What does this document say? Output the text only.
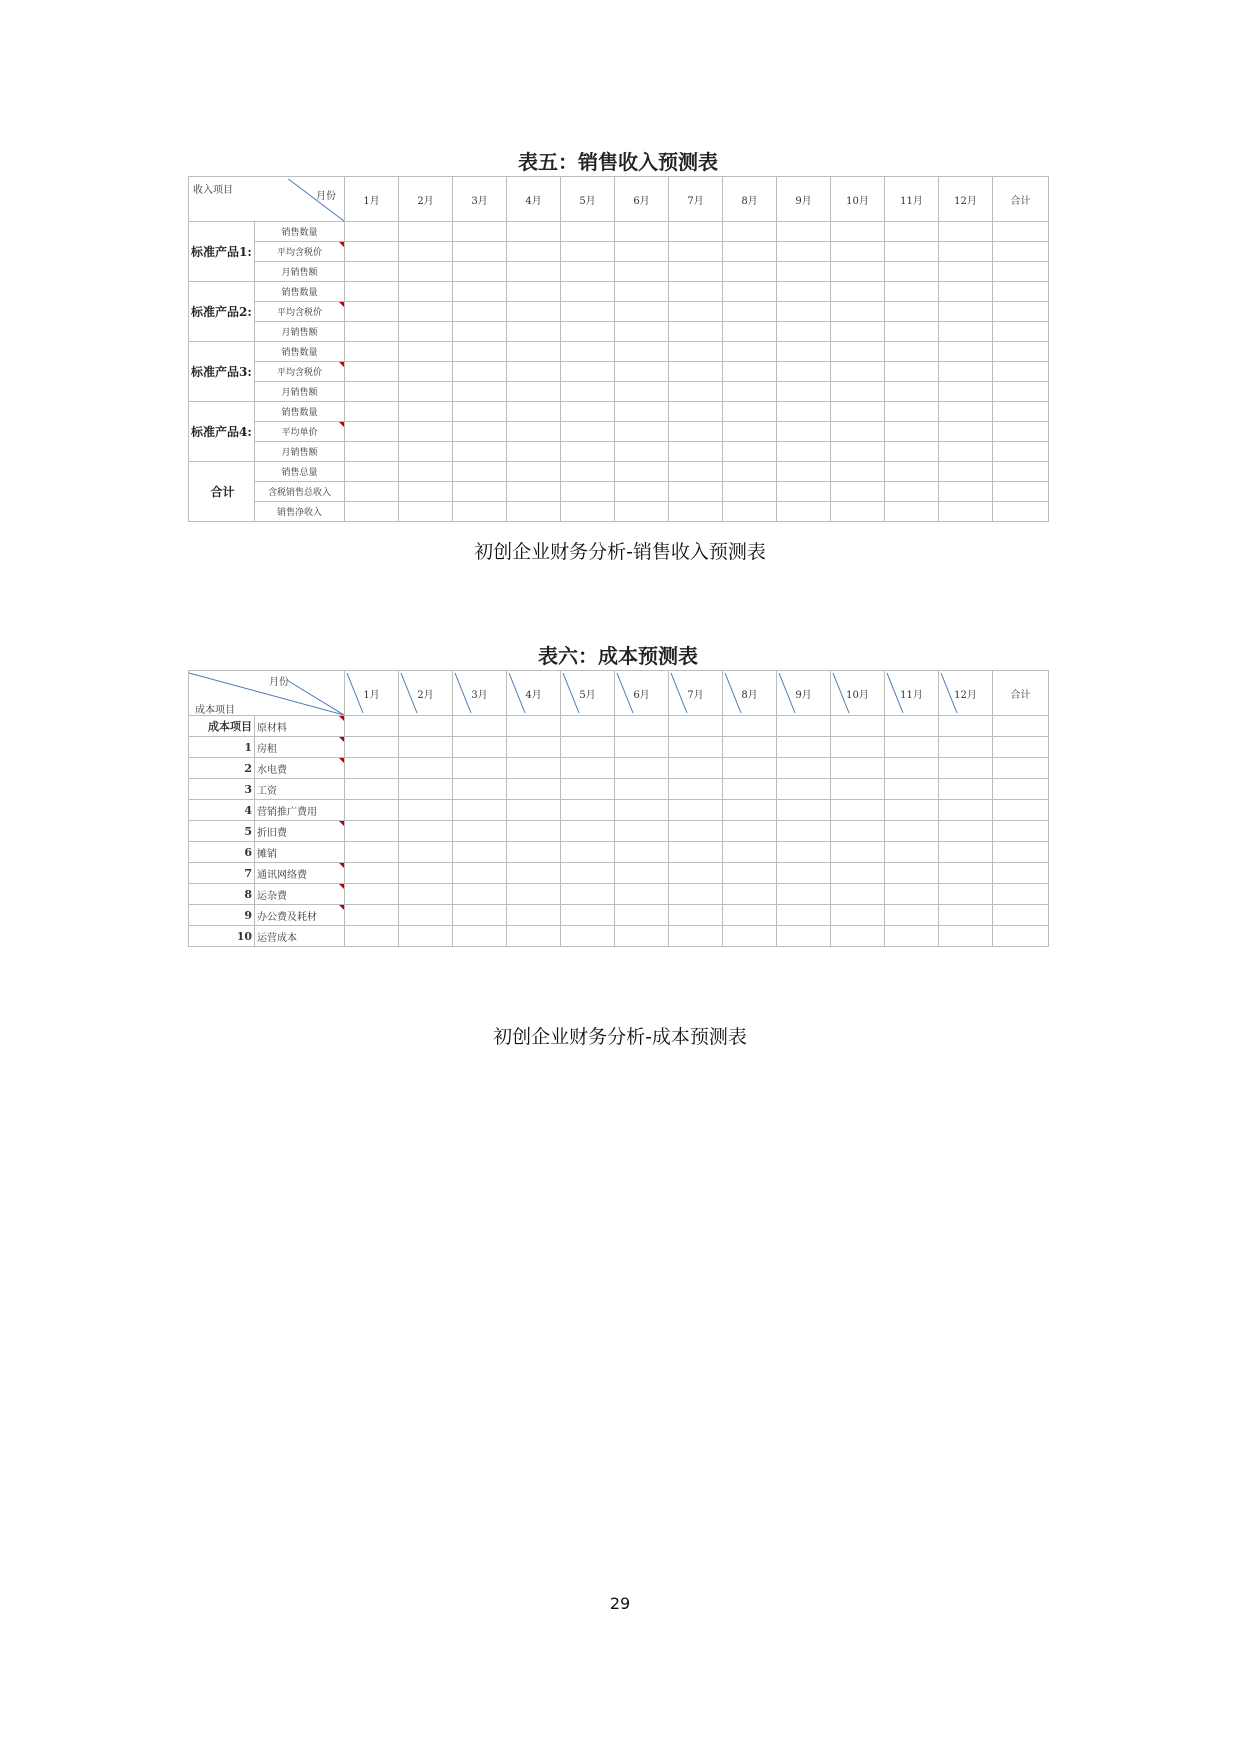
表五：销售收入预测表
收入项目
月份		1月	2月	3月	4月	5月	6月	7月	8月	9月	10月	11月	12月	合计
标准产品1:	销售数量													
	平均含税价													
	月销售额													
标准产品2:	销售数量													
	平均含税价													
	月销售额													
标准产品3:	销售数量													
	平均含税价													
	月销售额													
标准产品4:	销售数量													
	平均单价													
	月销售额													
合计	销售总量													
	含税销售总收入													
	销售净收入													
初创企业财务分析-销售收入预测表
表六：成本预测表
月份
成本项目		1月	2月	3月	4月	5月	6月	7月	8月	9月	10月	11月	12月	合计
成本项目	原材料													
1	房租													
2	水电费													
3	工资													
4	营销推广费用													
5	折旧费													
6	摊销													
7	通讯网络费													
8	运杂费													
9	办公费及耗材													
10	运营成本													
初创企业财务分析-成本预测表
29
